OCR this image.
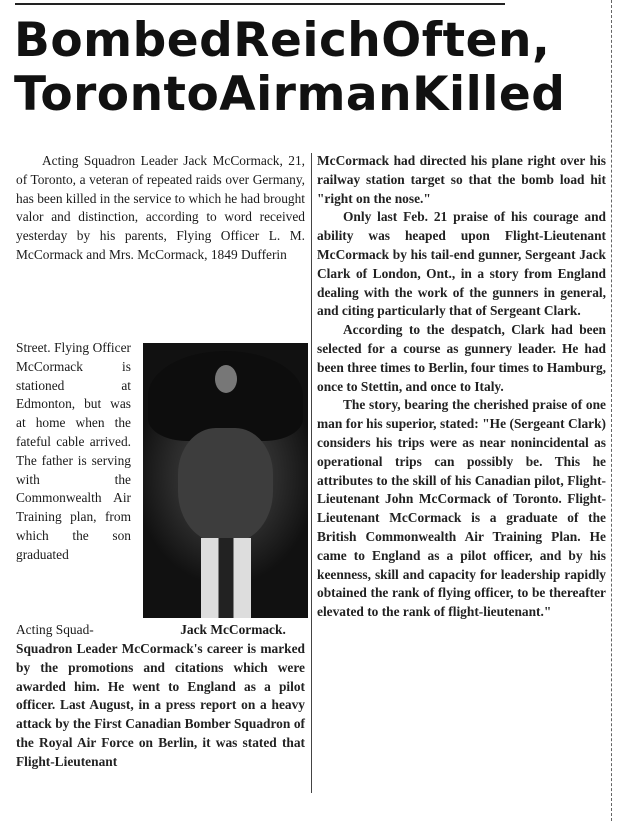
Bombed Reich Often,
Toronto Airman Killed

Acting Squadron Leader Jack McCormack, 21, of Toronto, a veteran of repeated raids over Germany, has been killed in the service to which he had brought valor and distinction, according to word received yesterday by his parents, Flying Officer L. M. McCormack and Mrs. McCormack, 1849 Dufferin

Street. Flying Officer McCormack is stationed at Edmonton, but was at home when the fateful cable arrived. The father is serving with the Commonwealth Air Training plan, from which the son graduated
Jack McCormack.
Acting Squad-

Squadron Leader McCormack's career is marked by the promotions and citations which were awarded him. He went to England as a pilot officer. Last August, in a press report on a heavy attack by the First Canadian Bomber Squadron of the Royal Air Force on Berlin, it was stated that Flight-Lieutenant

McCormack had directed his plane right over his railway station target so that the bomb load hit "right on the nose."

Only last Feb. 21 praise of his courage and ability was heaped upon Flight-Lieutenant McCormack by his tail-end gunner, Sergeant Jack Clark of London, Ont., in a story from England dealing with the work of the gunners in general, and citing particularly that of Sergeant Clark.

According to the despatch, Clark had been selected for a course as gunnery leader. He had been three times to Berlin, four times to Hamburg, once to Stettin, and once to Italy.

The story, bearing the cherished praise of one man for his superior, stated: "He (Sergeant Clark) considers his trips were as near nonincidental as operational trips can possibly be. This he attributes to the skill of his Canadian pilot, Flight-Lieutenant John McCormack of Toronto. Flight-Lieutenant McCormack is a graduate of the British Commonwealth Air Training Plan. He came to England as a pilot officer, and by his keenness, skill and capacity for leadership rapidly obtained the rank of flying officer, to be thereafter elevated to the rank of flight-lieutenant."
